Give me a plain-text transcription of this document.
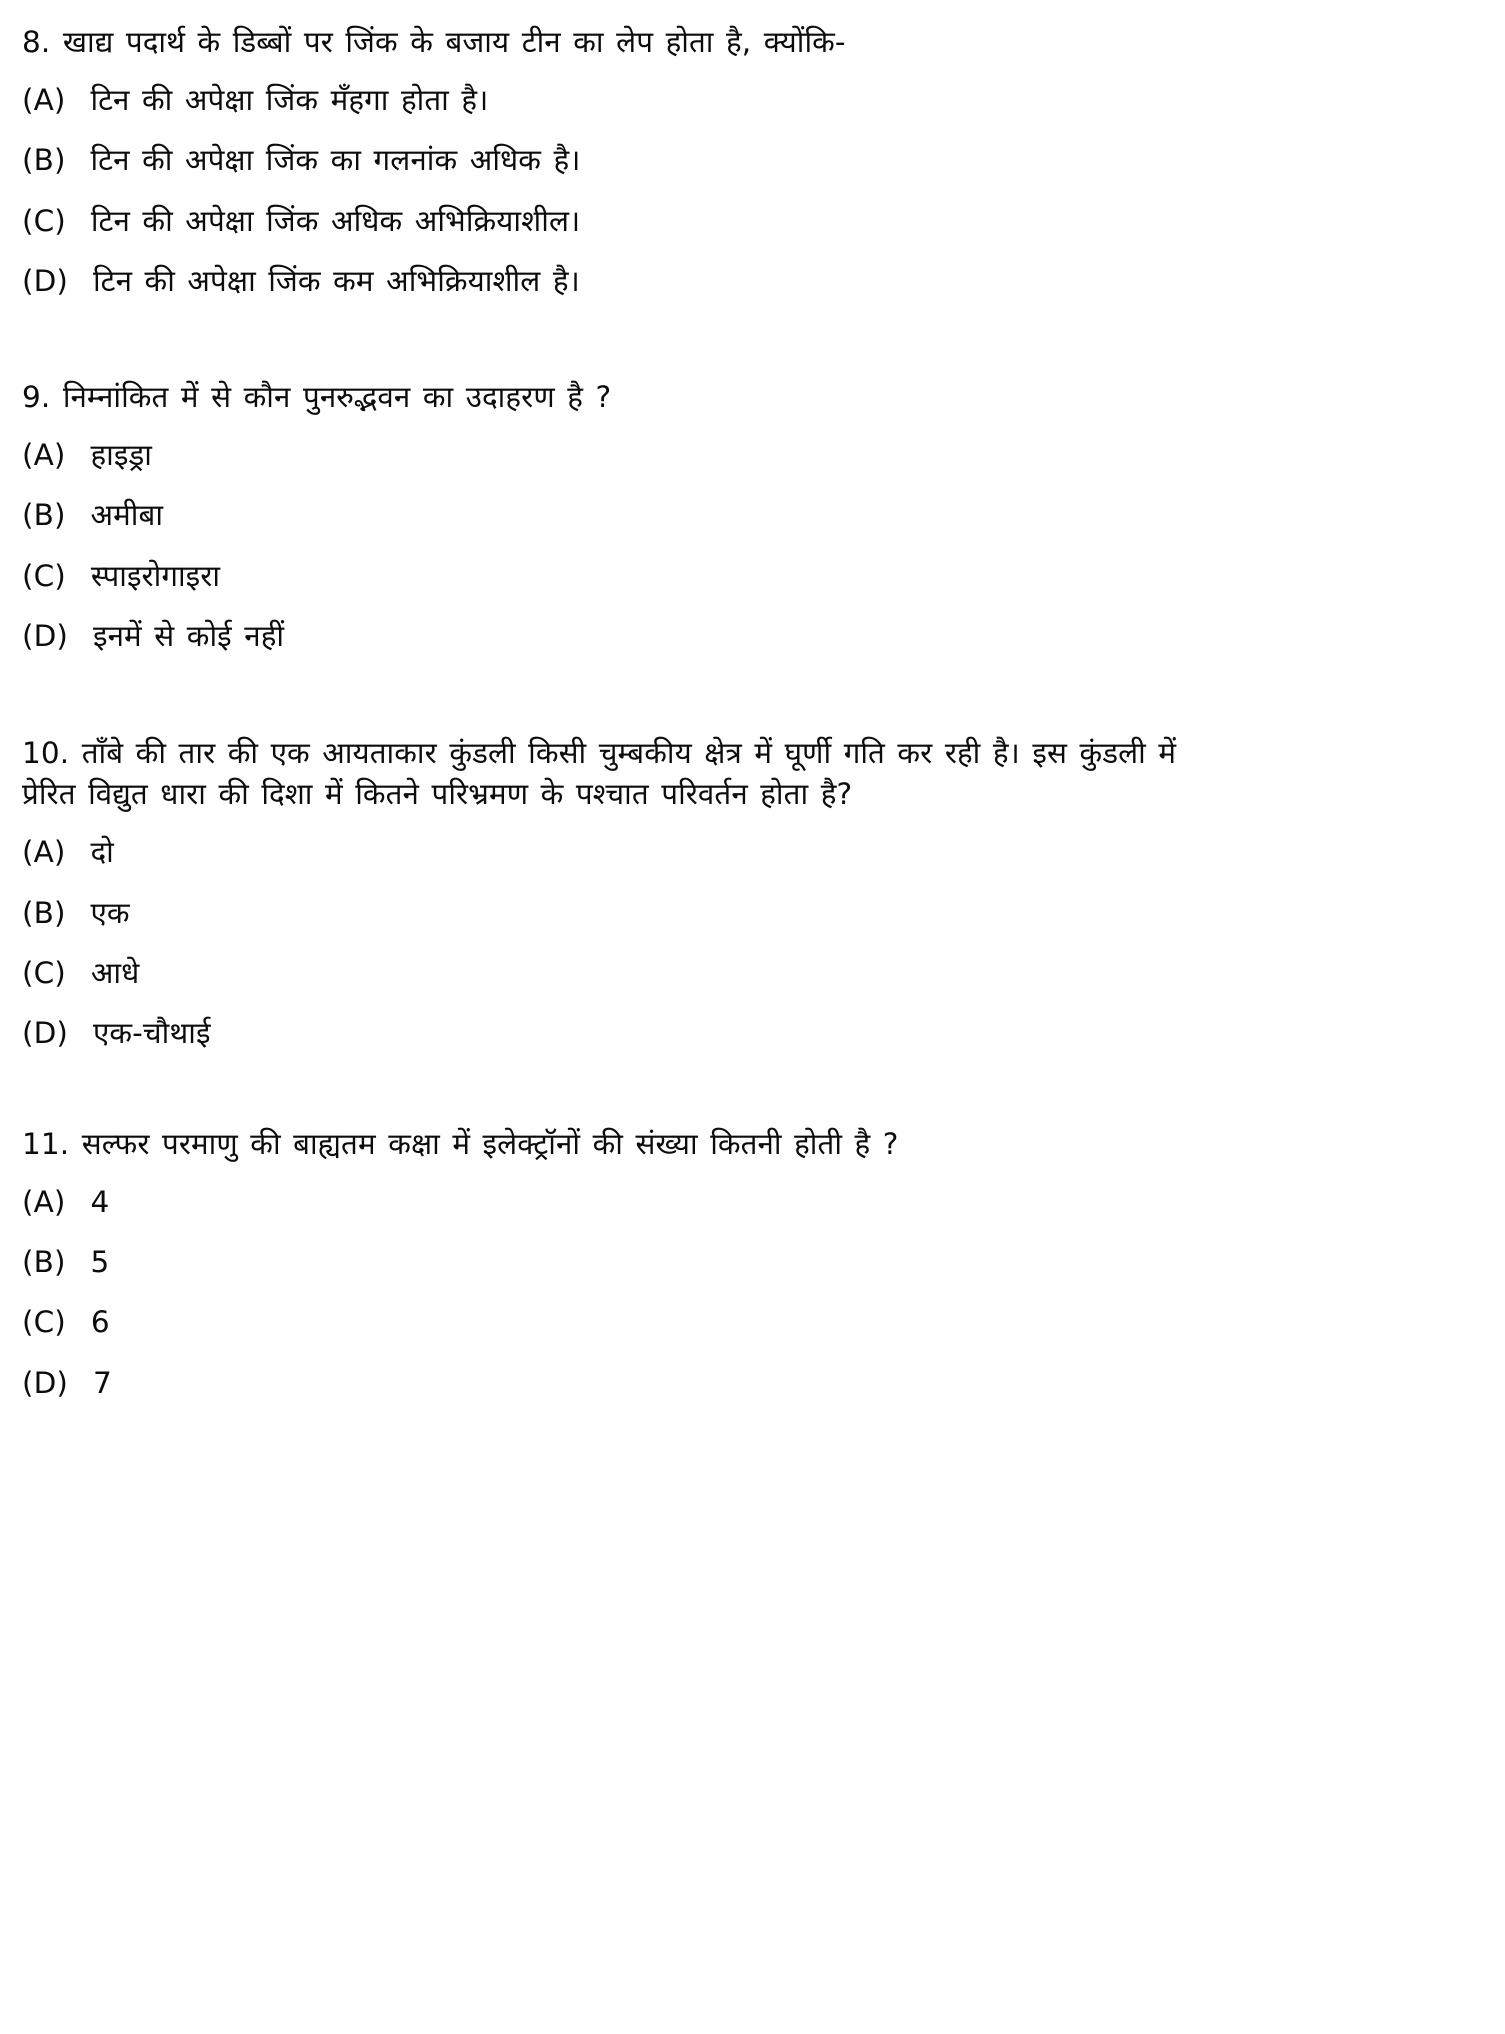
8. खाद्य पदार्थ के डिब्बों पर जिंक के बजाय टीन का लेप होता है, क्योंकि-

(A)  टिन की अपेक्षा जिंक मँहगा होता है।
(B)  टिन की अपेक्षा जिंक का गलनांक अधिक है।
(C)  टिन की अपेक्षा जिंक अधिक अभिक्रियाशील।
(D)  टिन की अपेक्षा जिंक कम अभिक्रियाशील है।

9. निम्नांकित में से कौन पुनरुद्भवन का उदाहरण है ?

(A)  हाइड्रा
(B)  अमीबा
(C)  स्पाइरोगाइरा
(D)  इनमें से कोई नहीं

10. ताँबे की तार की एक आयताकार कुंडली किसी चुम्बकीय क्षेत्र में घूर्णी गति कर रही है। इस कुंडली में प्रेरित विद्युत धारा की दिशा में कितने परिभ्रमण के पश्चात परिवर्तन होता है?

(A)  दो
(B)  एक
(C)  आधे
(D)  एक-चौथाई

11. सल्फर परमाणु की बाह्यतम कक्षा में इलेक्ट्रॉनों की संख्या कितनी होती है ?

(A)  4
(B)  5
(C)  6
(D)  7
